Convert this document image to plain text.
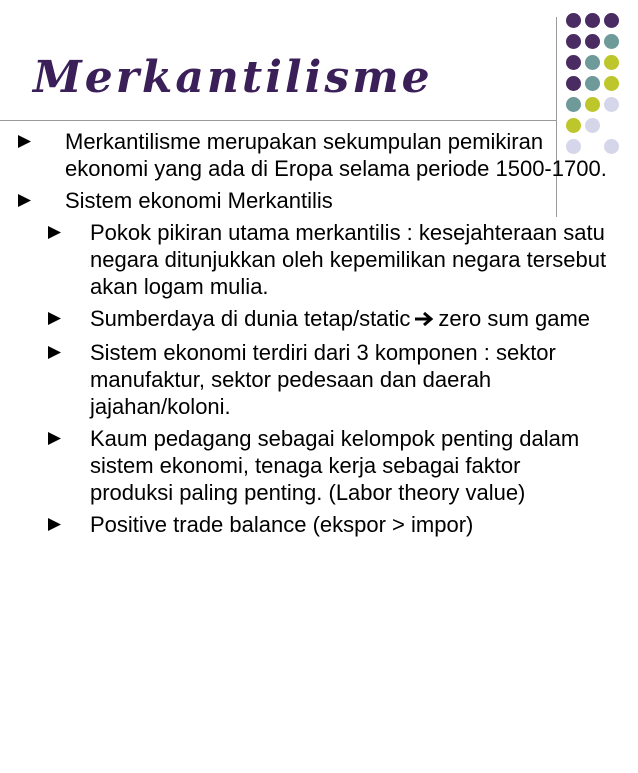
Merkantilisme
Merkantilisme merupakan sekumpulan pemikiran ekonomi yang ada di Eropa selama periode 1500-1700.
Sistem ekonomi Merkantilis
Pokok pikiran utama merkantilis : kesejahteraan satu negara ditunjukkan oleh kepemilikan negara tersebut akan logam mulia.
Sumberdaya di dunia tetap/static zero sum game
Sistem ekonomi terdiri dari 3 komponen : sektor manufaktur, sektor pedesaan dan daerah jajahan/koloni.
Kaum pedagang sebagai kelompok penting dalam sistem ekonomi, tenaga kerja sebagai faktor produksi paling penting. (Labor theory value)
Positive trade balance (ekspor > impor)
